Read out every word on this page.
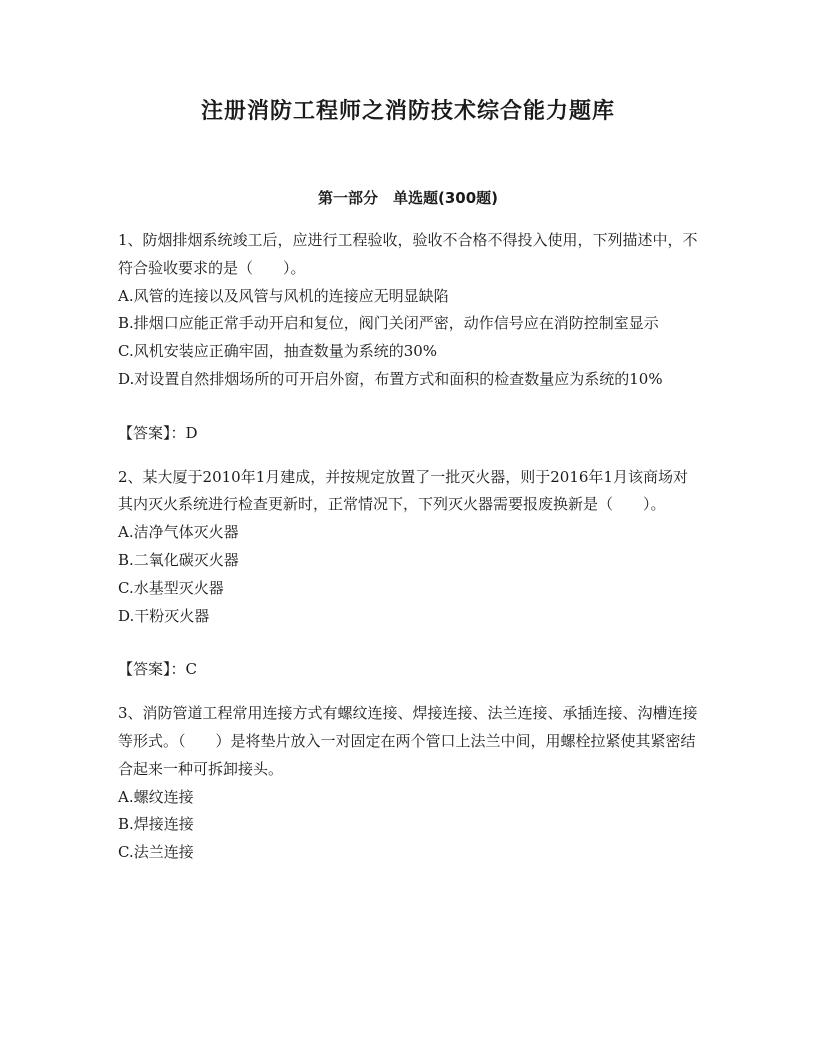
注册消防工程师之消防技术综合能力题库
第一部分　单选题(300题)

1、防烟排烟系统竣工后，应进行工程验收，验收不合格不得投入使用，下列描述中，不符合验收要求的是（　　）。

A.风管的连接以及风管与风机的连接应无明显缺陷

B.排烟口应能正常手动开启和复位，阀门关闭严密，动作信号应在消防控制室显示

C.风机安装应正确牢固，抽查数量为系统的30%

D.对设置自然排烟场所的可开启外窗，布置方式和面积的检查数量应为系统的10%

【答案】：D

2、某大厦于2010年1月建成，并按规定放置了一批灭火器，则于2016年1月该商场对其内灭火系统进行检查更新时，正常情况下，下列灭火器需要报废换新是（　　）。

A.洁净气体灭火器

B.二氧化碳灭火器

C.水基型灭火器

D.干粉灭火器

【答案】：C

3、消防管道工程常用连接方式有螺纹连接、焊接连接、法兰连接、承插连接、沟槽连接等形式。（　　）是将垫片放入一对固定在两个管口上法兰中间，用螺栓拉紧使其紧密结合起来一种可拆卸接头。

A.螺纹连接

B.焊接连接

C.法兰连接
